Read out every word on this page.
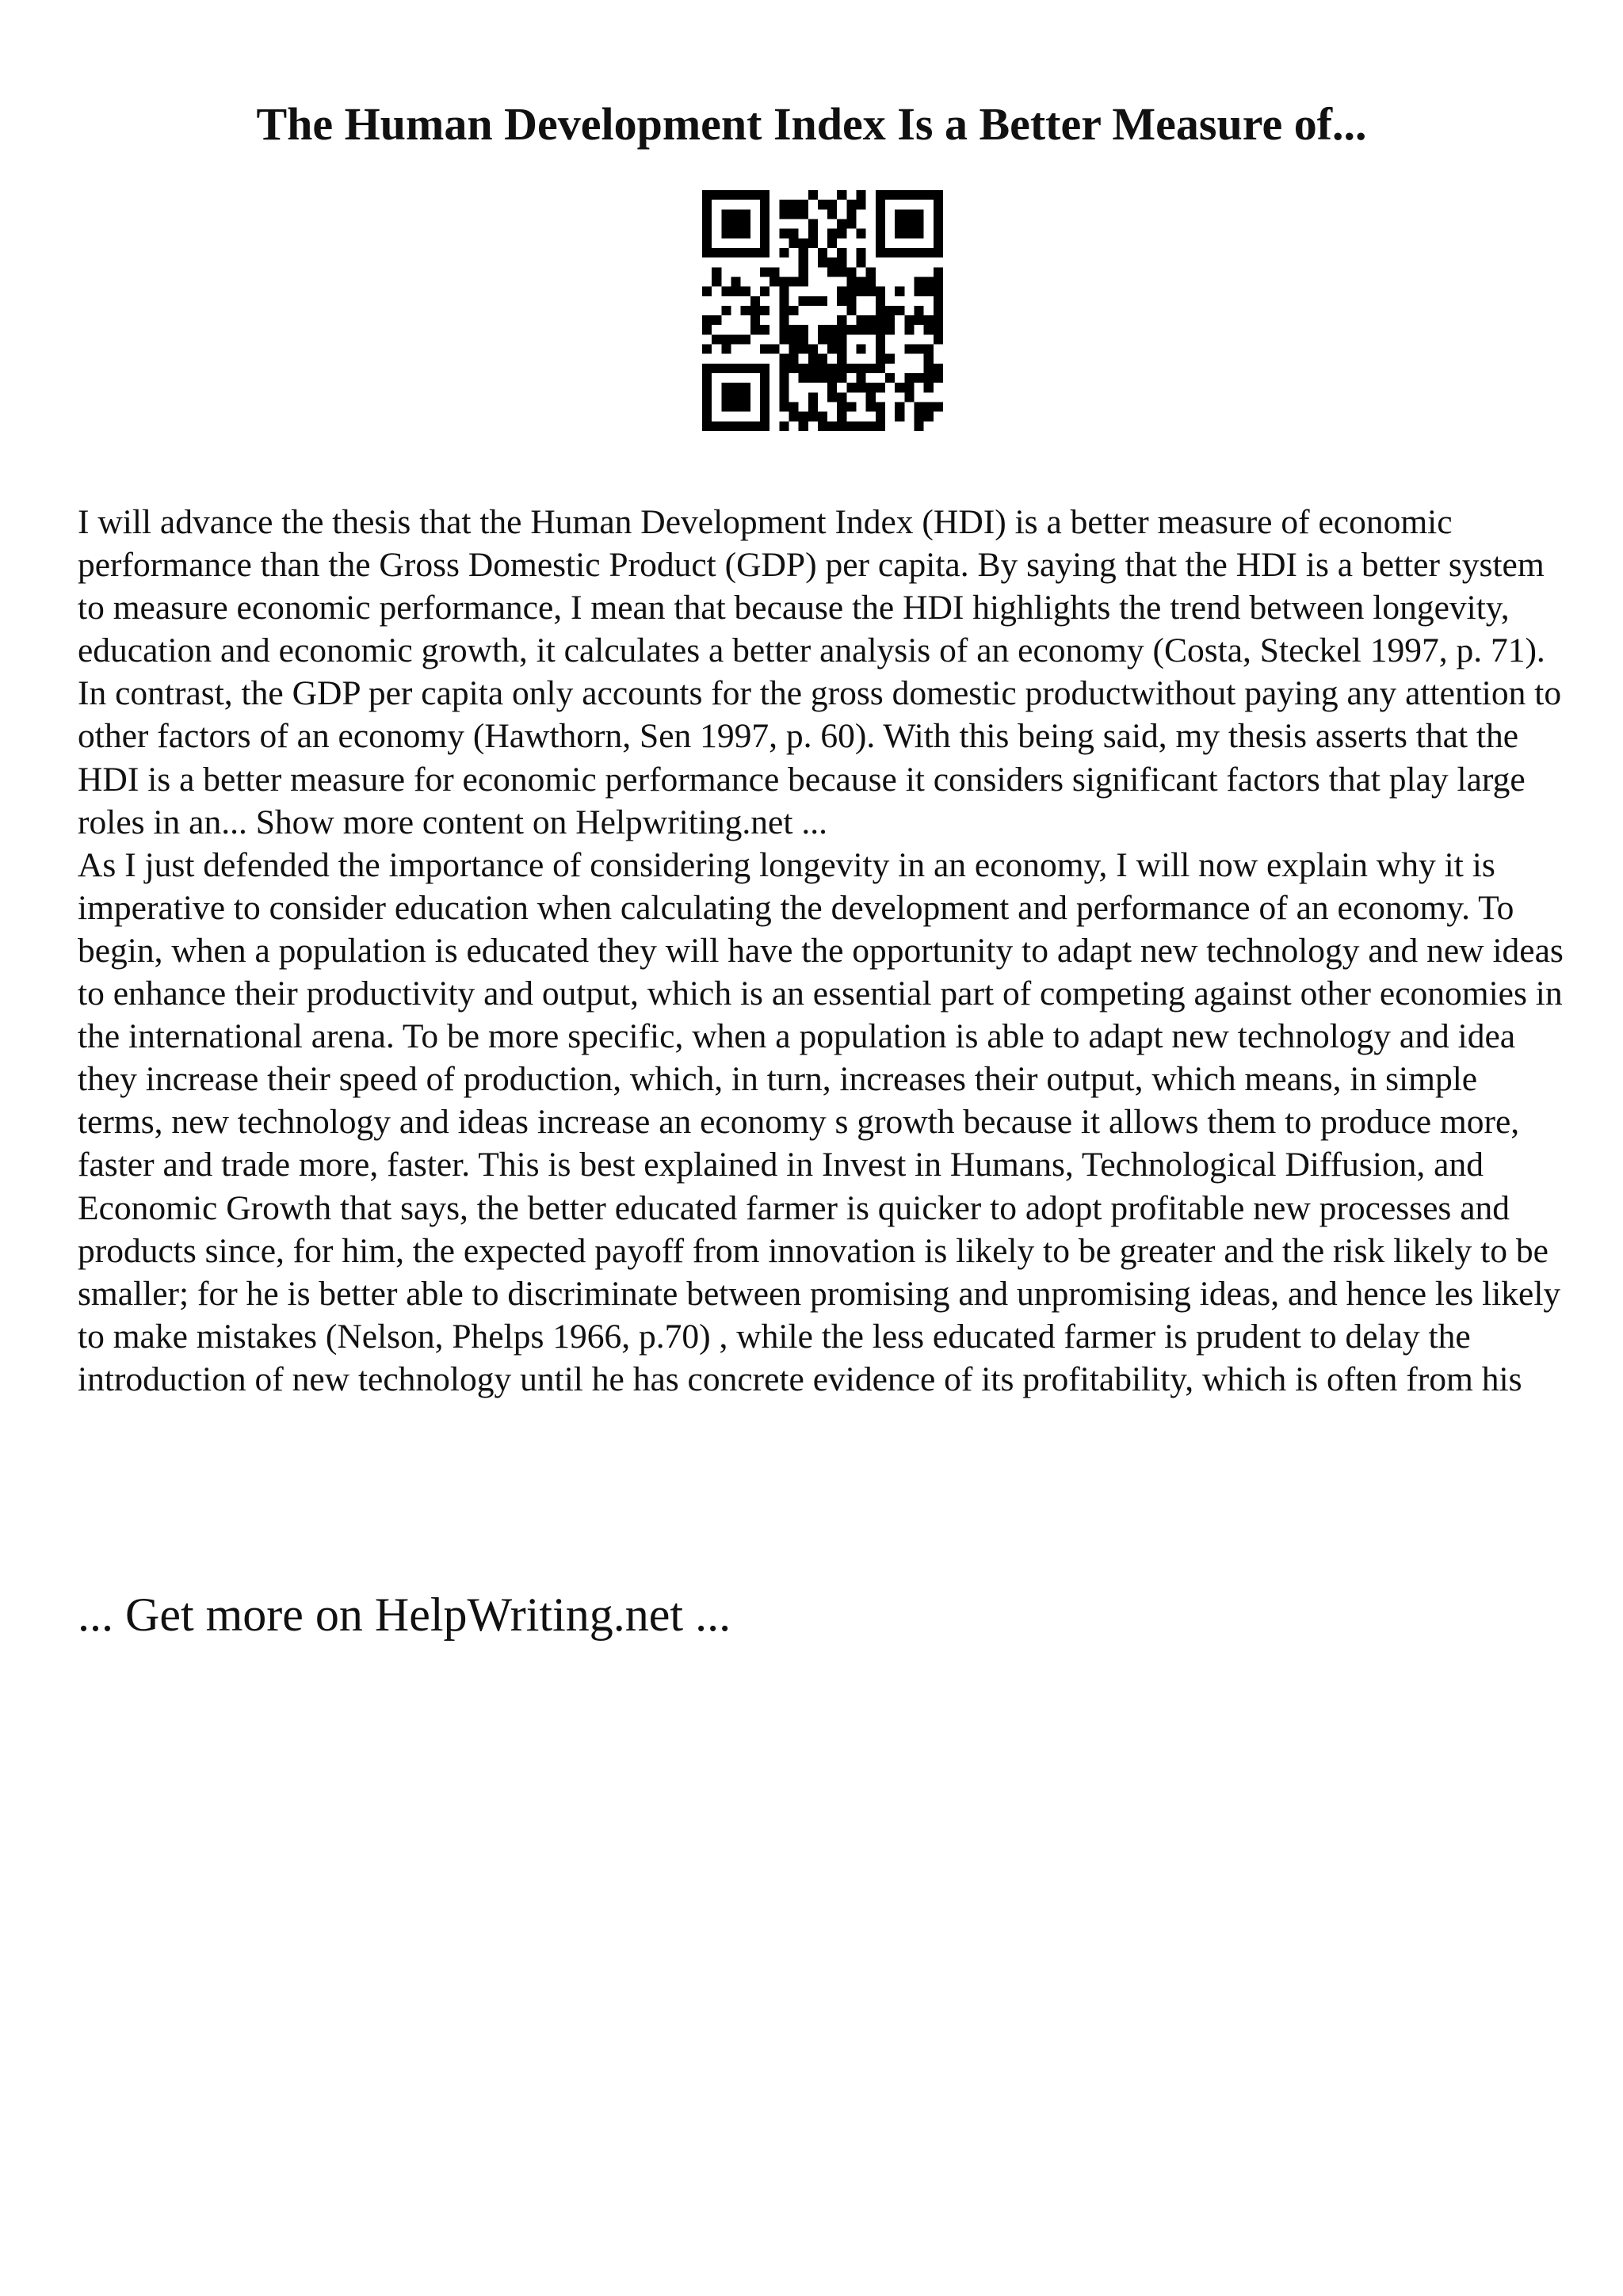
The Human Development Index Is a Better Measure of...

I will advance the thesis that the Human Development Index (HDI) is a better measure of economic performance than the Gross Domestic Product (GDP) per capita. By saying that the HDI is a better system to measure economic performance, I mean that because the HDI highlights the trend between longevity, education and economic growth, it calculates a better analysis of an economy (Costa, Steckel 1997, p. 71). In contrast, the GDP per capita only accounts for the gross domestic productwithout paying any attention to other factors of an economy (Hawthorn, Sen 1997, p. 60). With this being said, my thesis asserts that the HDI is a better measure for economic performance because it considers significant factors that play large roles in an... Show more content on Helpwriting.net ...

As I just defended the importance of considering longevity in an economy, I will now explain why it is imperative to consider education when calculating the development and performance of an economy. To begin, when a population is educated they will have the opportunity to adapt new technology and new ideas to enhance their productivity and output, which is an essential part of competing against other economies in the international arena. To be more specific, when a population is able to adapt new technology and idea they increase their speed of production, which, in turn, increases their output, which means, in simple terms, new technology and ideas increase an economy s growth because it allows them to produce more, faster and trade more, faster. This is best explained in Invest in Humans, Technological Diffusion, and Economic Growth that says, the better educated farmer is quicker to adopt profitable new processes and products since, for him, the expected payoff from innovation is likely to be greater and the risk likely to be smaller; for he is better able to discriminate between promising and unpromising ideas, and hence les likely to make mistakes (Nelson, Phelps 1966, p.70) , while the less educated farmer is prudent to delay the introduction of new technology until he has concrete evidence of its profitability, which is often from his

... Get more on HelpWriting.net ...
